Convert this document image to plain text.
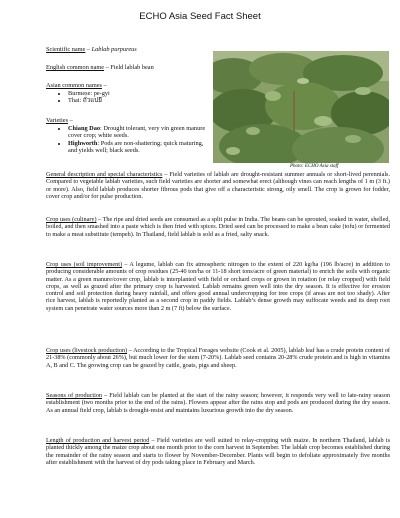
ECHO Asia Seed Fact Sheet
Scientific name – Lablab purpureus
English common name – Field lablab bean
Asian common names –
• Burmese: pe-gyi
• Thai: ถั่วแปยี
Varieties –
• Chiang Dao: Drought tolerant, very vin green manure cover crop; white seeds.
• Highworth: Pods are non-shattering; quick maturing, and yields well; black seeds.
Photo: ECHO Asia staff

General description and special characteristics – Field varieties of lablab are drought-resistant summer annuals or short-lived perennials. Compared to vegetable lablab varieties, such field varieties are shorter and somewhat erect (although vines can reach lengths of 1 m (3 ft.) or more). Also, field lablab produces shorter fibrous pods that give off a characteristic strong, oily smell. The crop is grown for fodder, cover crop and/or for pulse production.

Crop uses (culinary) – The ripe and dried seeds are consumed as a split pulse in India. The beans can be sprouted, soaked in water, shelled, boiled, and then smashed into a paste which is then fried with spices. Dried seed can be processed to make a bean cake (tofu) or fermented to make a meat substitute (tempeh). In Thailand, field lablab is sold as a fried, salty snack.

Crop uses (soil improvement) – A legume, lablab can fix atmospheric nitrogen to the extent of 220 kg/ha (196 lb/acre) in addition to producing considerable amounts of crop residues (25-40 ton/ha or 11-18 short tons/acre of green material) to enrich the soils with organic matter. As a green manure/cover crop, lablab is interplanted with field or orchard crops or grown in rotation (or relay cropped) with field crops, as well as grazed after the primary crop is harvested. Lablab remains green well into the dry season. It is effective for erosion control and soil protection during heavy rainfall, and offers good annual undercropping for tree crops (if areas are not too shady). After rice harvest, lablab is reportedly planted as a second crop in paddy fields. Lablab’s dense growth may suffocate weeds and its deep root system can penetrate water sources more than 2 m (7 ft) below the surface.

Crop uses (livestock production) – According to the Tropical Forages website (Cook et al. 2005), lablab leaf has a crude protein content of 21-38% (commonly about 26%), but much lower for the stem (7-20%). Lablab seed contains 20-28% crude protein and is high in vitamins A, B and C. The growing crop can be grazed by cattle, goats, pigs and sheep.

Seasons of production – Field lablab can be planted at the start of the rainy season; however, it responds very well to late-rainy season establishment (two months prior to the end of the rains). Flowers appear after the rains stop and pods are produced during the dry season. As an annual field crop, lablab is drought-resist and maintains luxurious growth into the dry season.

Length of production and harvest period – Field varieties are well suited to relay-cropping with maize. In northern Thailand, lablab is planted thickly among the maize crop about one month prior to the corn harvest in September. The lablab crop becomes established during the remainder of the rainy season and starts to flower by November-December. Plants will begin to defoliate approximately five months after establishment with the harvest of dry pods taking place in February and March.
